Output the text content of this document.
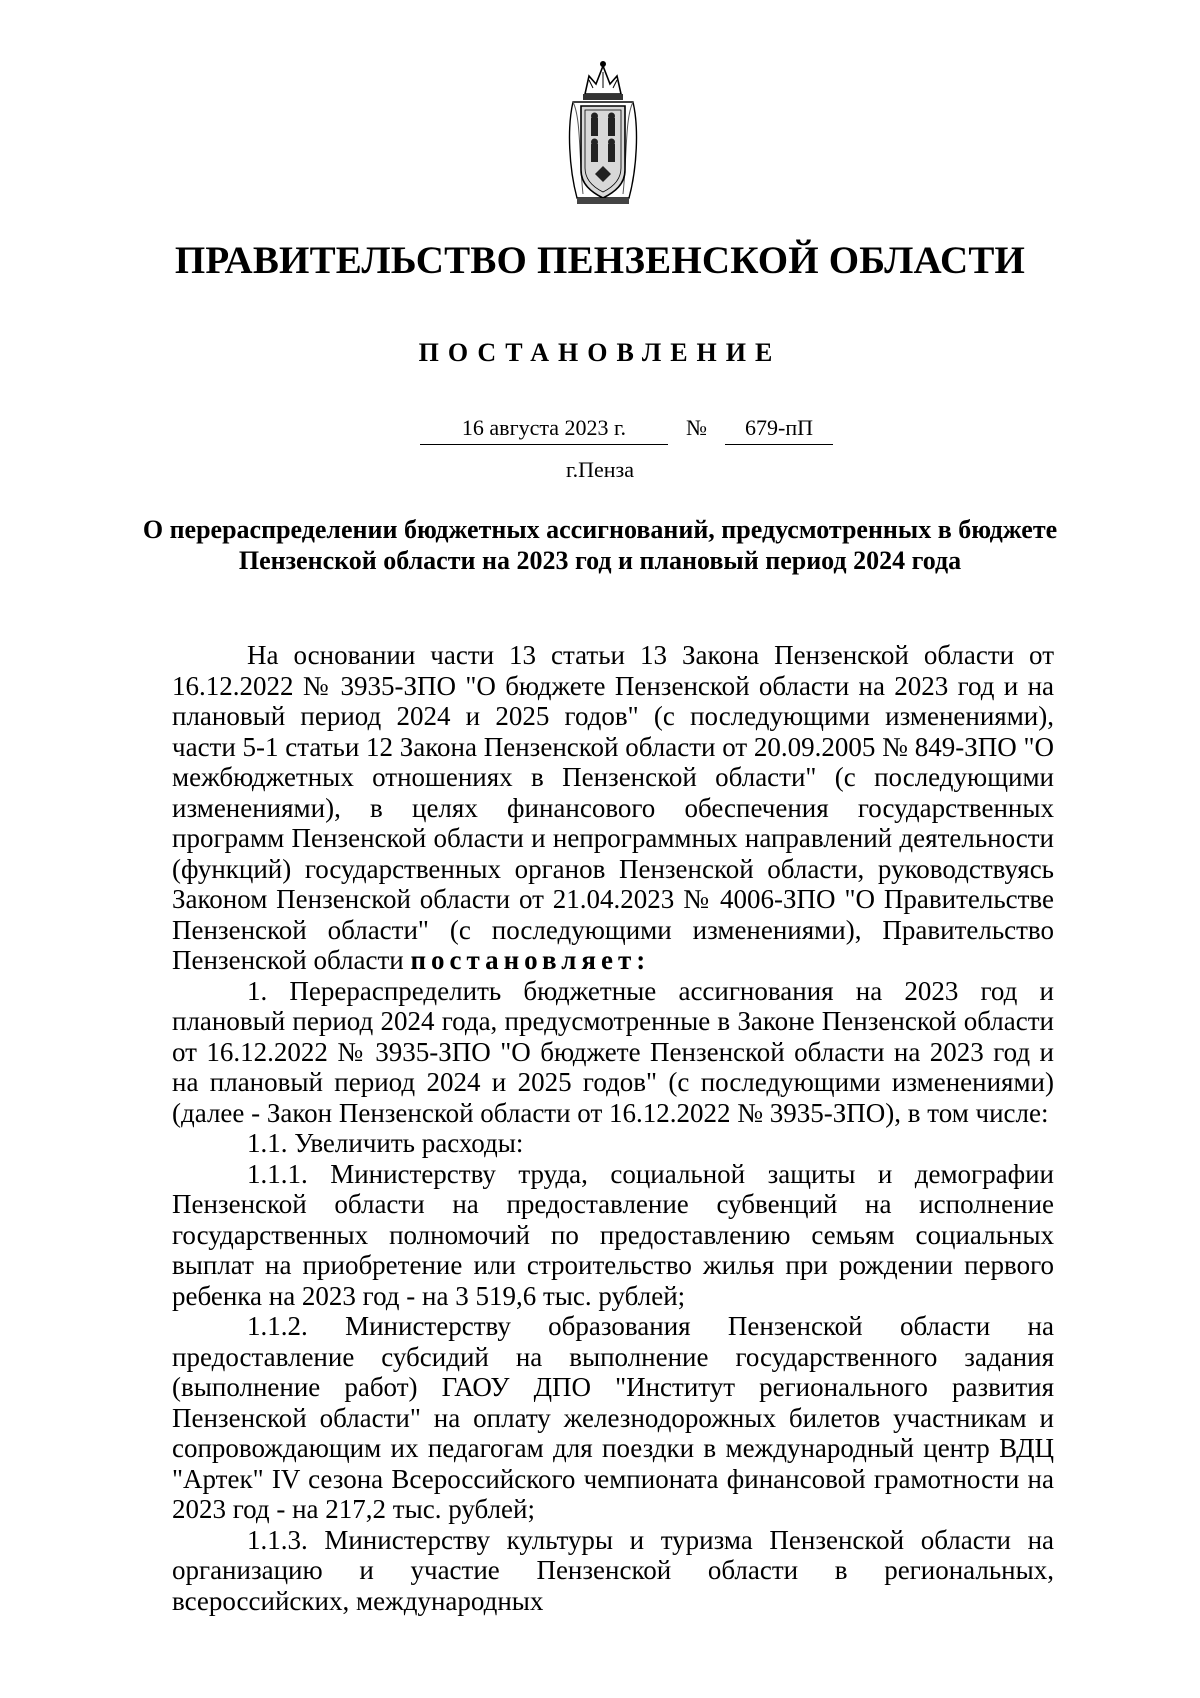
ПРАВИТЕЛЬСТВО ПЕНЗЕНСКОЙ ОБЛАСТИ
ПОСТАНОВЛЕНИЕ
16 августа 2023 г.	№	679-пП
г.Пенза
О перераспределении бюджетных ассигнований, предусмотренных в бюджете Пензенской области на 2023 год и плановый период 2024 года

На основании части 13 статьи 13 Закона Пензенской области от 16.12.2022 № 3935-ЗПО "О бюджете Пензенской области на 2023 год и на плановый период 2024 и 2025 годов" (с последующими изменениями), части 5-1 статьи 12 Закона Пензенской области от 20.09.2005 № 849-ЗПО "О межбюджетных отношениях в Пензенской области" (с последующими изменениями), в целях финансового обеспечения государственных программ Пензенской области и непрограммных направлений деятельности (функций) государственных органов Пензенской области, руководствуясь Законом Пензенской области от 21.04.2023 № 4006-ЗПО "О Правительстве Пензенской области" (с последующими изменениями), Правительство Пензенской области постановляет:

1. Перераспределить бюджетные ассигнования на 2023 год и плановый период 2024 года, предусмотренные в Законе Пензенской области от 16.12.2022 № 3935-ЗПО "О бюджете Пензенской области на 2023 год и на плановый период 2024 и 2025 годов" (с последующими изменениями) (далее - Закон Пензенской области от 16.12.2022 № 3935-ЗПО), в том числе:

1.1. Увеличить расходы:

1.1.1. Министерству труда, социальной защиты и демографии Пензенской области на предоставление субвенций на исполнение государственных полномочий по предоставлению семьям социальных выплат на приобретение или строительство жилья при рождении первого ребенка на 2023 год - на 3 519,6 тыс. рублей;

1.1.2. Министерству образования Пензенской области на предоставление субсидий на выполнение государственного задания (выполнение работ) ГАОУ ДПО "Институт регионального развития Пензенской области" на оплату железнодорожных билетов участникам и сопровождающим их педагогам для поездки в международный центр ВДЦ "Артек" IV сезона Всероссийского чемпионата финансовой грамотности на 2023 год - на 217,2 тыс. рублей;

1.1.3. Министерству культуры и туризма Пензенской области на организацию и участие Пензенской области в региональных, всероссийских, международных
